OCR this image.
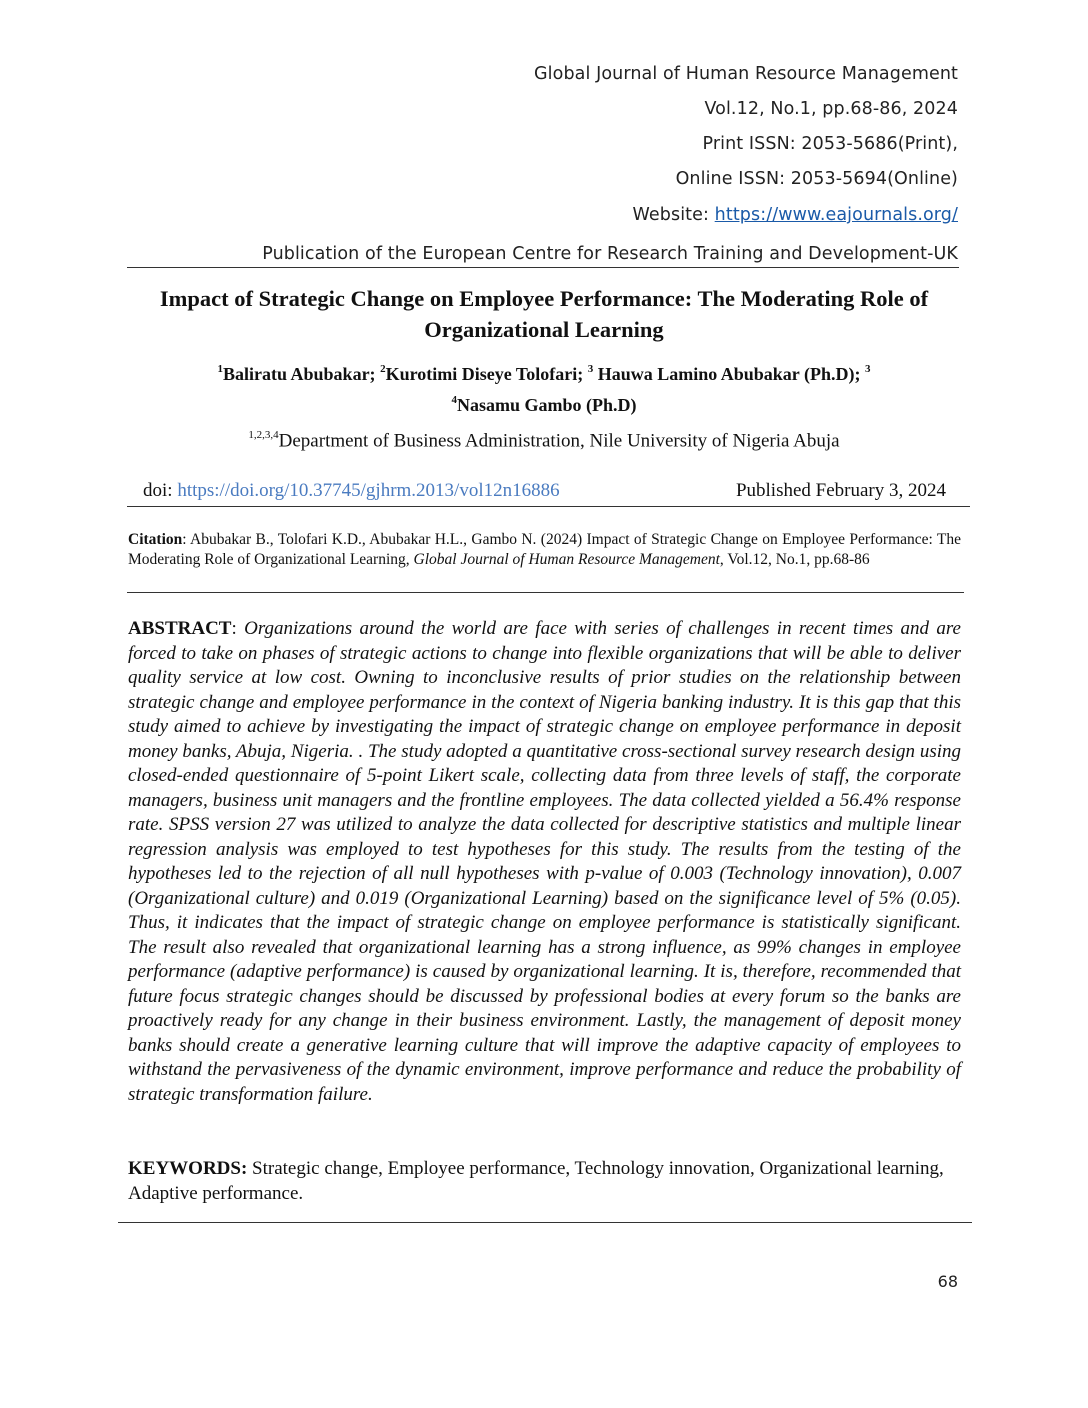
Global Journal of Human Resource Management
Vol.12, No.1, pp.68-86, 2024
Print ISSN: 2053-5686(Print),
Online ISSN: 2053-5694(Online)
Website: https://www.eajournals.org/
Publication of the European Centre for Research Training and Development-UK
Impact of Strategic Change on Employee Performance: The Moderating Role of Organizational Learning
$^1$Baliratu Abubakar; $^2$Kurotimi Diseye Tolofari; $^3$ Hauwa Lamino Abubakar (Ph.D); $^3$
$^4$Nasamu Gambo (Ph.D)
$^{1,2,3,4}$Department of Business Administration, Nile University of Nigeria Abuja
doi: https://doi.org/10.37745/gjhrm.2013/vol12n16886	Published February 3, 2024
Citation: Abubakar B., Tolofari K.D., Abubakar H.L., Gambo N. (2024) Impact of Strategic Change on Employee Performance: The Moderating Role of Organizational Learning, Global Journal of Human Resource Management, Vol.12, No.1, pp.68-86
ABSTRACT: Organizations around the world are face with series of challenges in recent times and are forced to take on phases of strategic actions to change into flexible organizations that will be able to deliver quality service at low cost. Owning to inconclusive results of prior studies on the relationship between strategic change and employee performance in the context of Nigeria banking industry. It is this gap that this study aimed to achieve by investigating the impact of strategic change on employee performance in deposit money banks, Abuja, Nigeria. . The study adopted a quantitative cross-sectional survey research design using closed-ended questionnaire of 5-point Likert scale, collecting data from three levels of staff, the corporate managers, business unit managers and the frontline employees. The data collected yielded a 56.4% response rate. SPSS version 27 was utilized to analyze the data collected for descriptive statistics and multiple linear regression analysis was employed to test hypotheses for this study. The results from the testing of the hypotheses led to the rejection of all null hypotheses with p-value of 0.003 (Technology innovation), 0.007 (Organizational culture) and 0.019 (Organizational Learning) based on the significance level of 5% (0.05). Thus, it indicates that the impact of strategic change on employee performance is statistically significant. The result also revealed that organizational learning has a strong influence, as 99% changes in employee performance (adaptive performance) is caused by organizational learning. It is, therefore, recommended that future focus strategic changes should be discussed by professional bodies at every forum so the banks are proactively ready for any change in their business environment. Lastly, the management of deposit money banks should create a generative learning culture that will improve the adaptive capacity of employees to withstand the pervasiveness of the dynamic environment, improve performance and reduce the probability of strategic transformation failure.
KEYWORDS: Strategic change, Employee performance, Technology innovation, Organizational learning, Adaptive performance.
68
